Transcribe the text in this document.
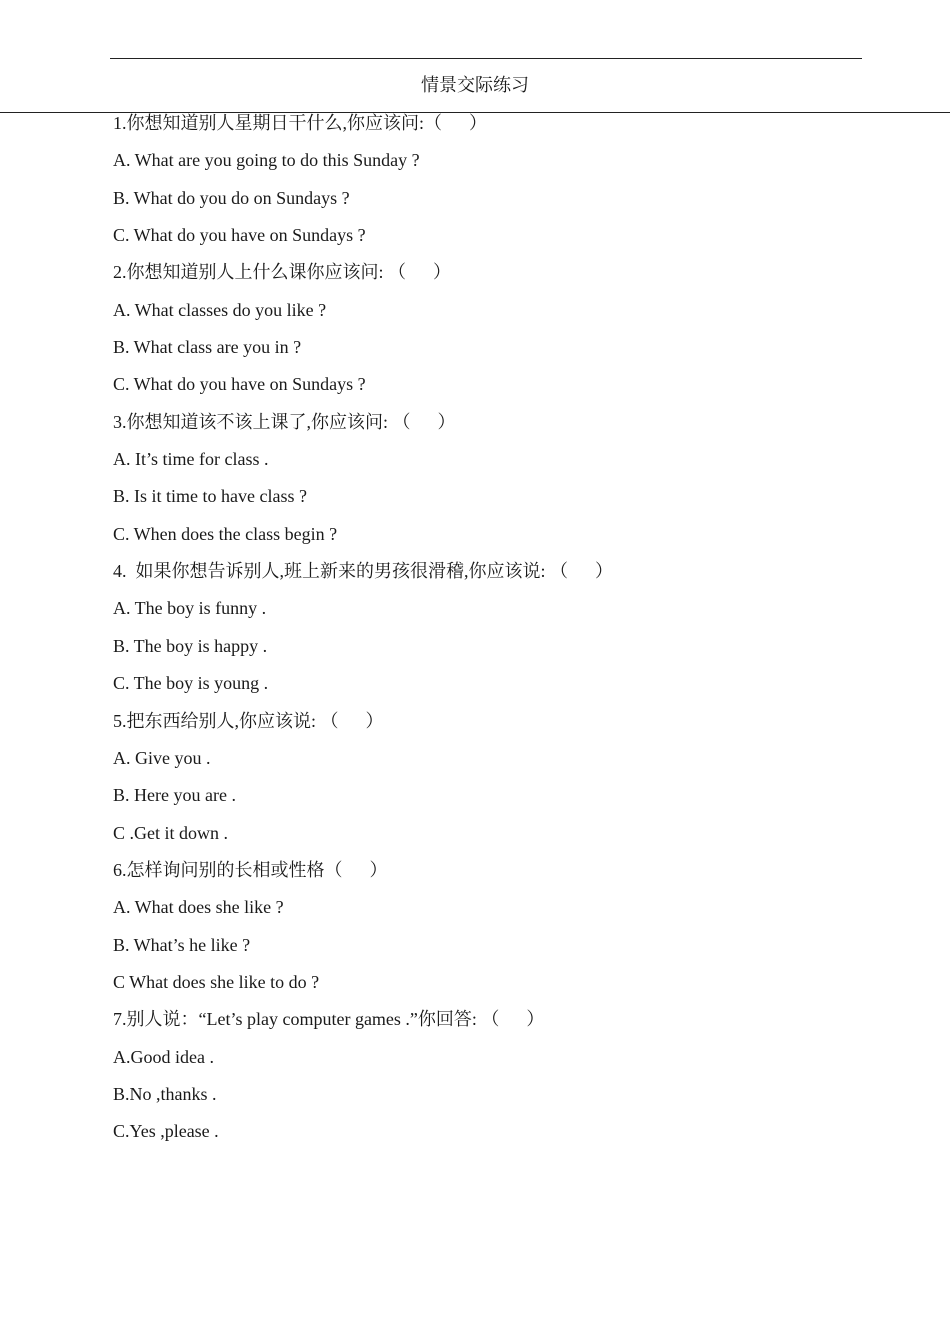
情景交际练习
1.你想知道别人星期日干什么,你应该问:（      ）
A. What are you going to do this Sunday ?
B. What do you do on Sundays ?
C. What do you have on Sundays ?
2.你想知道别人上什么课你应该问: （      ）
A. What classes do you like ?
B. What class are you in ?
C. What do you have on Sundays ?
3.你想知道该不该上课了,你应该问: （      ）
A. It’s time for class .
B. Is it time to have class ?
C. When does the class begin ?
4.  如果你想告诉别人,班上新来的男孩很滑稽,你应该说: （      ）
A. The boy is funny .
B. The boy is happy .
C. The boy is young .
5.把东西给别人,你应该说: （      ）
A. Give you .
B. Here you are .
C .Get it down .
6.怎样询问别的长相或性格（      ）
A. What does she like ?
B. What’s he like ?
C What does she like to do ?
7.别人说：“Let’s play computer games .”你回答: （      ）
A.Good idea .
B.No ,thanks .
C.Yes ,please .
